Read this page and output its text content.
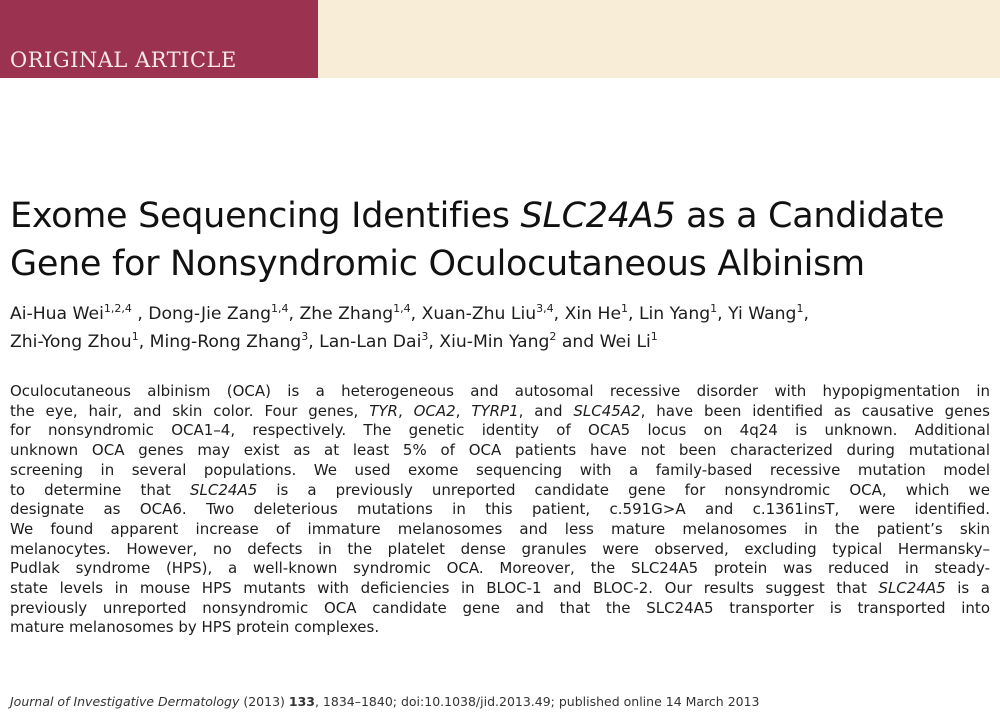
ORIGINAL ARTICLE
Exome Sequencing Identifies SLC24A5 as a Candidate
Gene for Nonsyndromic Oculocutaneous Albinism
Ai-Hua Wei$^{1,2,4}$ , Dong-Jie Zang$^{1,4}$, Zhe Zhang$^{1,4}$, Xuan-Zhu Liu$^{3,4}$, Xin He$^1$, Lin Yang$^1$, Yi Wang$^1$,
Zhi-Yong Zhou$^1$, Ming-Rong Zhang$^3$, Lan-Lan Dai$^3$, Xiu-Min Yang$^2$ and Wei Li$^1$
Oculocutaneous albinism (OCA) is a heterogeneous and autosomal recessive disorder with hypopigmentation in
the eye, hair, and skin color. Four genes, TYR, OCA2, TYRP1, and SLC45A2, have been identified as causative genes
for nonsyndromic OCA1–4, respectively. The genetic identity of OCA5 locus on 4q24 is unknown. Additional
unknown OCA genes may exist as at least 5% of OCA patients have not been characterized during mutational
screening in several populations. We used exome sequencing with a family-based recessive mutation model
to determine that SLC24A5 is a previously unreported candidate gene for nonsyndromic OCA, which we
designate as OCA6. Two deleterious mutations in this patient, c.591G>A and c.1361insT, were identified.
We found apparent increase of immature melanosomes and less mature melanosomes in the patient’s skin
melanocytes. However, no defects in the platelet dense granules were observed, excluding typical Hermansky–
Pudlak syndrome (HPS), a well-known syndromic OCA. Moreover, the SLC24A5 protein was reduced in steady-
state levels in mouse HPS mutants with deficiencies in BLOC-1 and BLOC-2. Our results suggest that SLC24A5 is a
previously unreported nonsyndromic OCA candidate gene and that the SLC24A5 transporter is transported into
mature melanosomes by HPS protein complexes.
Journal of Investigative Dermatology (2013) 133, 1834–1840; doi:10.1038/jid.2013.49; published online 14 March 2013
